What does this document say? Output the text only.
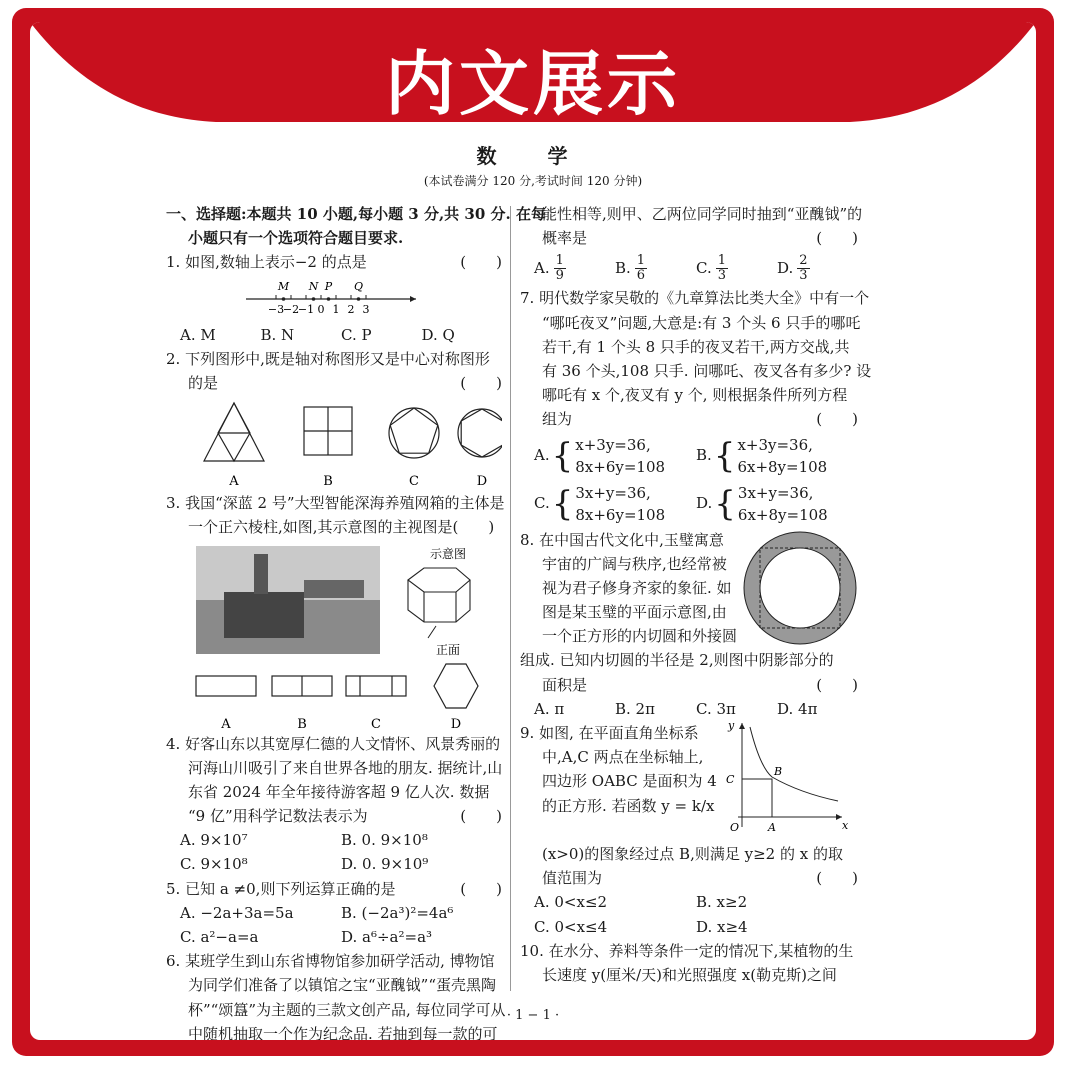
内文展示
数 学
(本试卷满分 120 分,考试时间 120 分钟)
一、选择题:本题共 10 小题,每小题 3 分,共 30 分. 在每
小题只有一个选项符合题目要求.
1. 如图,数轴上表示−2 的点是	(　　)
−3
−2
−1 0 1 2 3
M N P Q
A. M	B. N	C. P	D. Q
2. 下列图形中,既是轴对称图形又是中心对称图形
的是	(　　)
A	B	C	D
3. 我国“深蓝 2 号”大型智能深海养殖网箱的主体是
一个正六棱柱,如图,其示意图的主视图是(　　)
示意图
正面
A	B	C	D
4. 好客山东以其宽厚仁德的人文情怀、风景秀丽的
河海山川吸引了来自世界各地的朋友. 据统计,山
东省 2024 年全年接待游客超 9 亿人次. 数据
“9 亿”用科学记数法表示为	(　　)
A. 9×10⁷	B. 0. 9×10⁸
C. 9×10⁸	D. 0. 9×10⁹
5. 已知 a ≠0,则下列运算正确的是	(　　)
A. −2a+3a=5a	B. (−2a³)²=4a⁶
C. a²−a=a	D. a⁶÷a²=a³
6. 某班学生到山东省博物馆参加研学活动, 博物馆
为同学们准备了以镇馆之宝“亚醜钺”“蛋壳黑陶
杯”“颂簋”为主题的三款文创产品, 每位同学可从
中随机抽取一个作为纪念品. 若抽到每一款的可
能性相等,则甲、乙两位同学同时抽到“亚醜钺”的
概率是	(　　)
A. $\frac{1}{9}$	B. $\frac{1}{6}$	C. $\frac{1}{3}$	D. $\frac{2}{3}$
7. 明代数学家吴敬的《九章算法比类大全》中有一个
“哪吒夜叉”问题,大意是:有 3 个头 6 只手的哪吒
若干,有 1 个头 8 只手的夜叉若干,两方交战,共
有 36 个头,108 只手. 问哪吒、夜叉各有多少? 设
哪吒有 x 个,夜叉有 y 个, 则根据条件所列方程
组为	(　　)
A. { x+3y=36,
8x+6y=108
B. { x+3y=36,
6x+8y=108
C. { 3x+y=36,
8x+6y=108
D. { 3x+y=36,
6x+8y=108
8. 在中国古代文化中,玉璧寓意
宇宙的广阔与秩序,也经常被
视为君子修身齐家的象征. 如
图是某玉璧的平面示意图,由
一个正方形的内切圆和外接圆
组成. 已知内切圆的半径是 2,则图中阴影部分的
面积是	(　　)
A. π	B. 2π	C. 3π	D. 4π
9. 如图, 在平面直角坐标系	y
x
O	A
B
C
中,A,C 两点在坐标轴上,
四边形 OABC 是面积为 4
的正方形. 若函数 y = k/x
(x>0)的图象经过点 B,则满足 y≥2 的 x 的取
值范围为	(　　)
A. 0<x≤2	B. x≥2
C. 0<x≤4	D. x≥4
10. 在水分、养料等条件一定的情况下,某植物的生
长速度 y(厘米/天)和光照强度 x(勒克斯)之间
· 1 − 1 ·
